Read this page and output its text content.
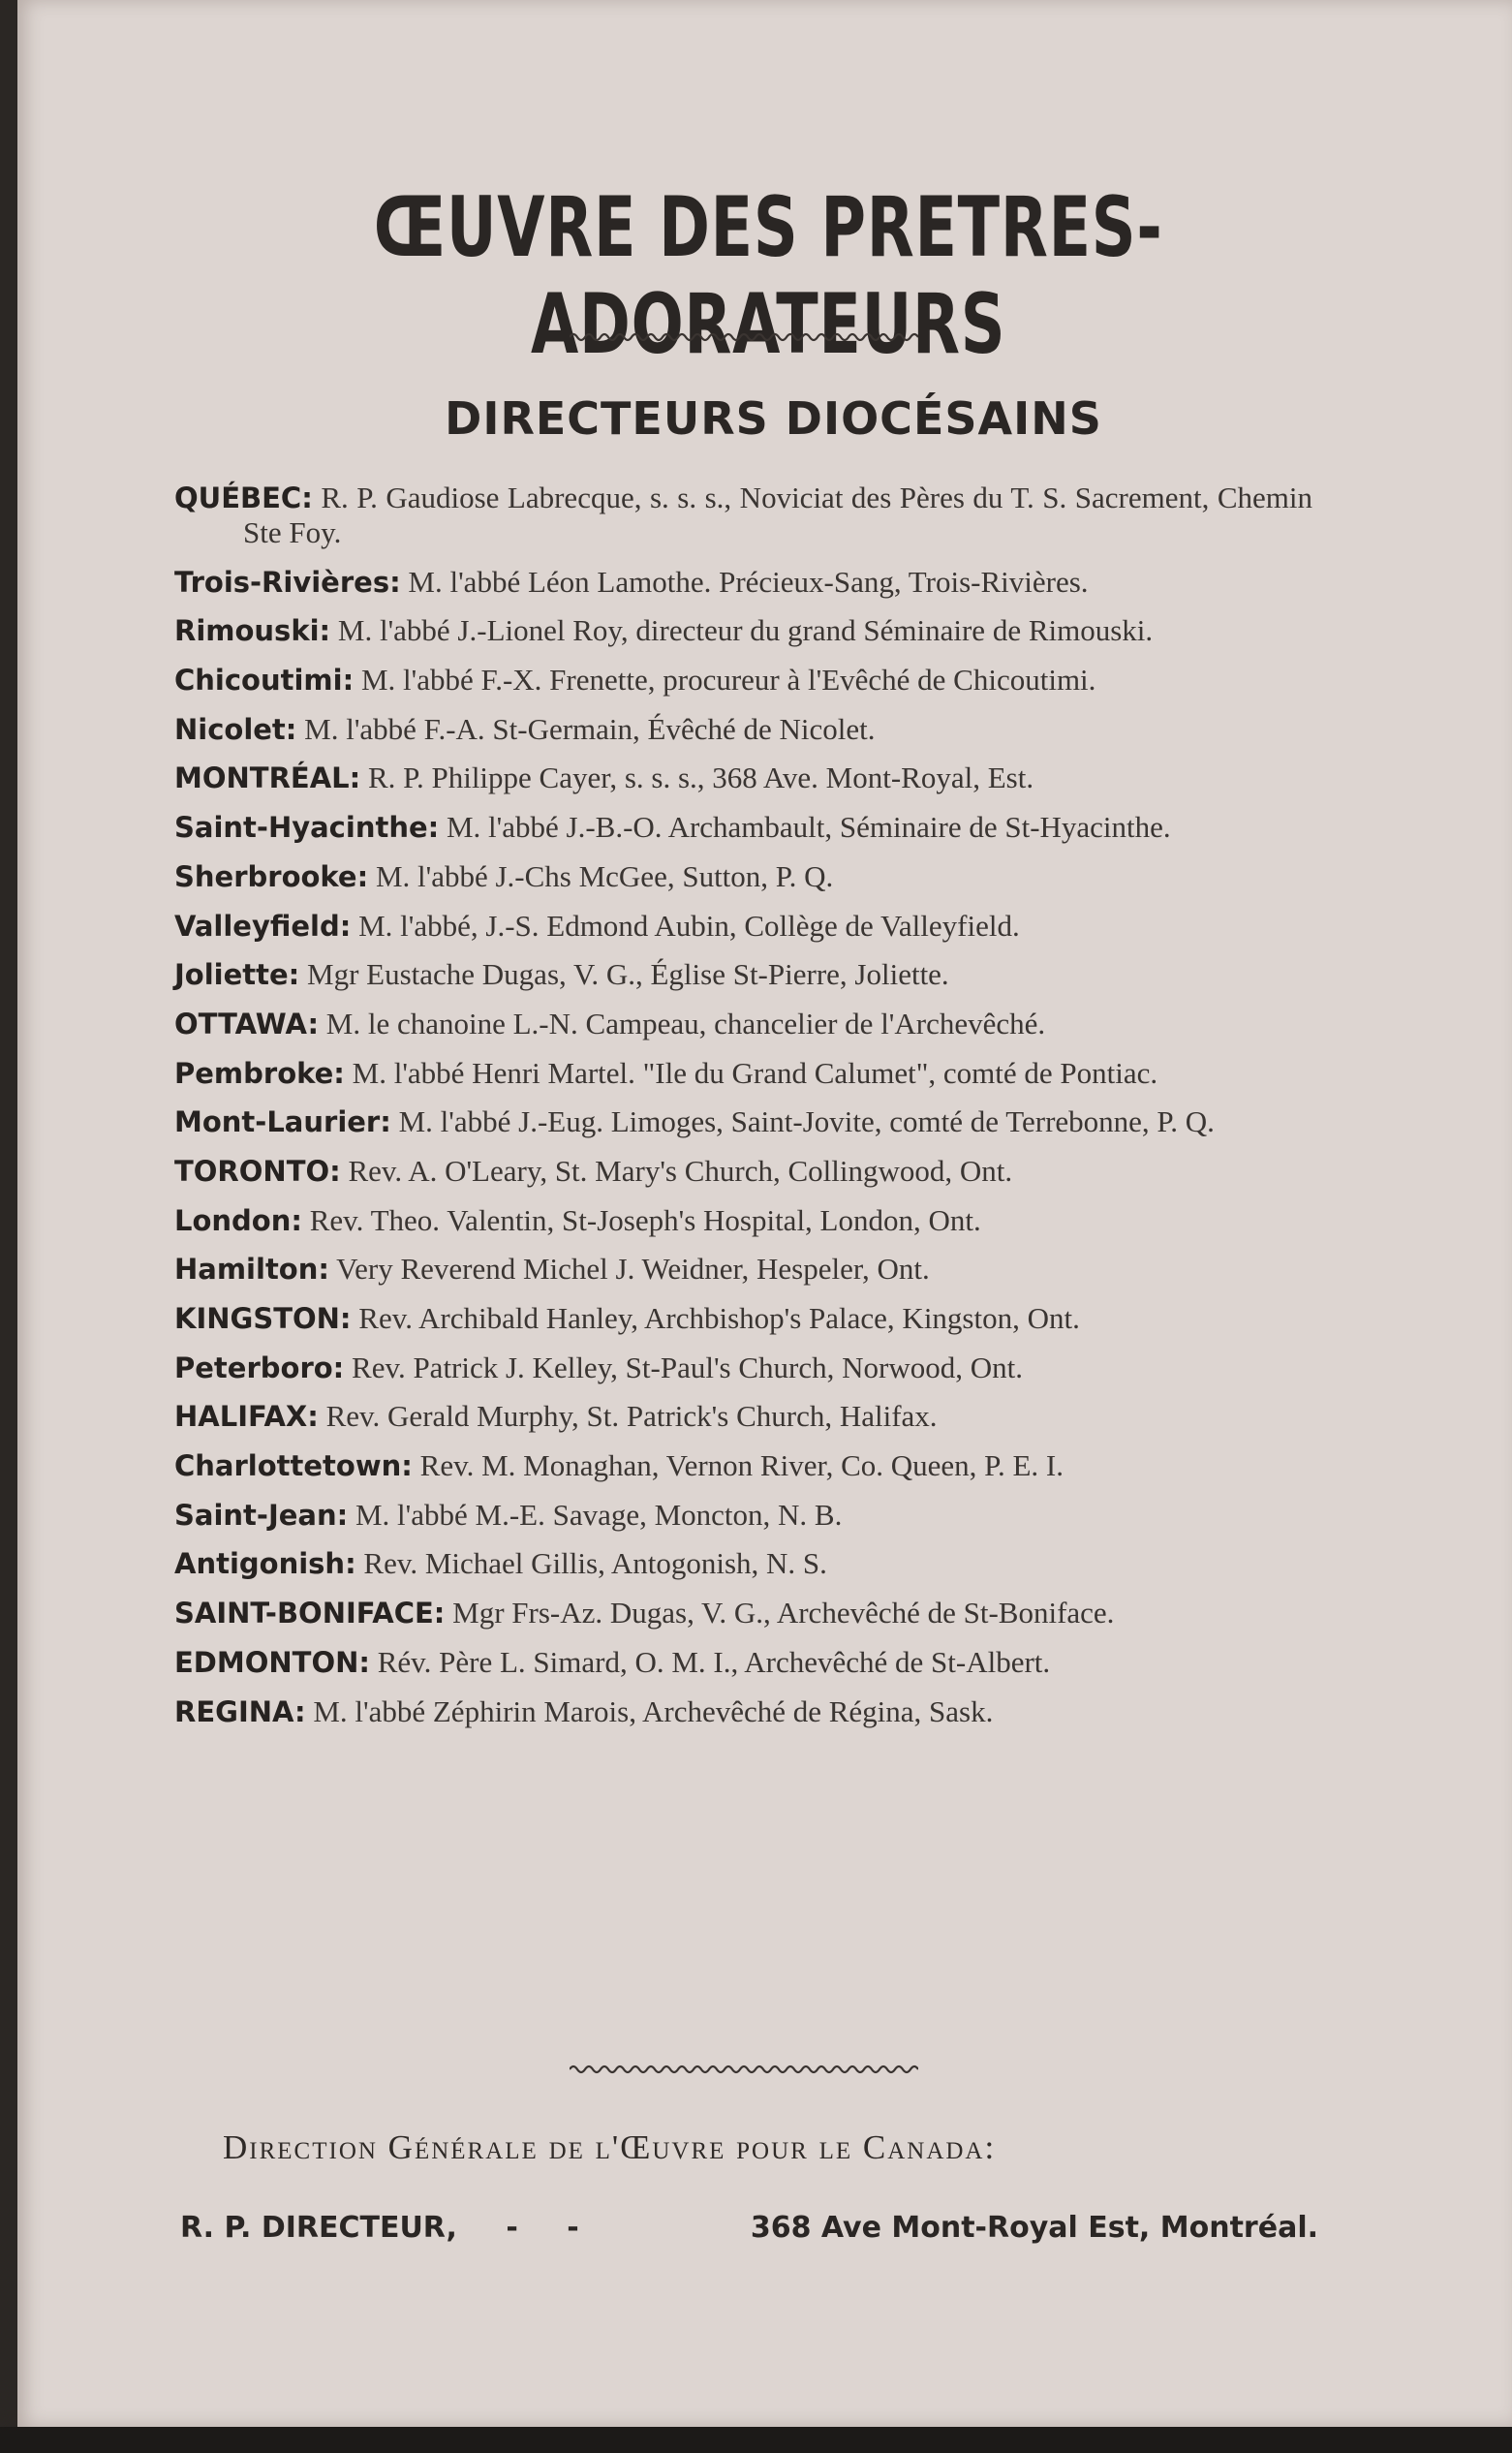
ŒUVRE DES PRETRES-ADORATEURS
DIRECTEURS DIOCÉSAINS
QUÉBEC: R. P. Gaudiose Labrecque, s. s. s., Noviciat des Pères du T. S. Sacrement, Chemin Ste Foy.
Trois-Rivières: M. l'abbé Léon Lamothe. Précieux-Sang, Trois-Rivières.
Rimouski: M. l'abbé J.-Lionel Roy, directeur du grand Séminaire de Rimouski.
Chicoutimi: M. l'abbé F.-X. Frenette, procureur à l'Evêché de Chicoutimi.
Nicolet: M. l'abbé F.-A. St-Germain, Évêché de Nicolet.
MONTRÉAL: R. P. Philippe Cayer, s. s. s., 368 Ave. Mont-Royal, Est.
Saint-Hyacinthe: M. l'abbé J.-B.-O. Archambault, Séminaire de St-Hyacinthe.
Sherbrooke: M. l'abbé J.-Chs McGee, Sutton, P. Q.
Valleyfield: M. l'abbé, J.-S. Edmond Aubin, Collège de Valleyfield.
Joliette: Mgr Eustache Dugas, V. G., Église St-Pierre, Joliette.
OTTAWA: M. le chanoine L.-N. Campeau, chancelier de l'Archevêché.
Pembroke: M. l'abbé Henri Martel. "Ile du Grand Calumet", comté de Pontiac.
Mont-Laurier: M. l'abbé J.-Eug. Limoges, Saint-Jovite, comté de Terrebonne, P. Q.
TORONTO: Rev. A. O'Leary, St. Mary's Church, Collingwood, Ont.
London: Rev. Theo. Valentin, St-Joseph's Hospital, London, Ont.
Hamilton: Very Reverend Michel J. Weidner, Hespeler, Ont.
KINGSTON: Rev. Archibald Hanley, Archbishop's Palace, Kingston, Ont.
Peterboro: Rev. Patrick J. Kelley, St-Paul's Church, Norwood, Ont.
HALIFAX: Rev. Gerald Murphy, St. Patrick's Church, Halifax.
Charlottetown: Rev. M. Monaghan, Vernon River, Co. Queen, P. E. I.
Saint-Jean: M. l'abbé M.-E. Savage, Moncton, N. B.
Antigonish: Rev. Michael Gillis, Antogonish, N. S.
SAINT-BONIFACE: Mgr Frs-Az. Dugas, V. G., Archevêché de St-Boniface.
EDMONTON: Rév. Père L. Simard, O. M. I., Archevêché de St-Albert.
REGINA: M. l'abbé Zéphirin Marois, Archevêché de Régina, Sask.

Direction Générale de l'Œuvre pour le Canada:

R. P. DIRECTEUR, - -	368 Ave Mont-Royal Est, Montréal.
